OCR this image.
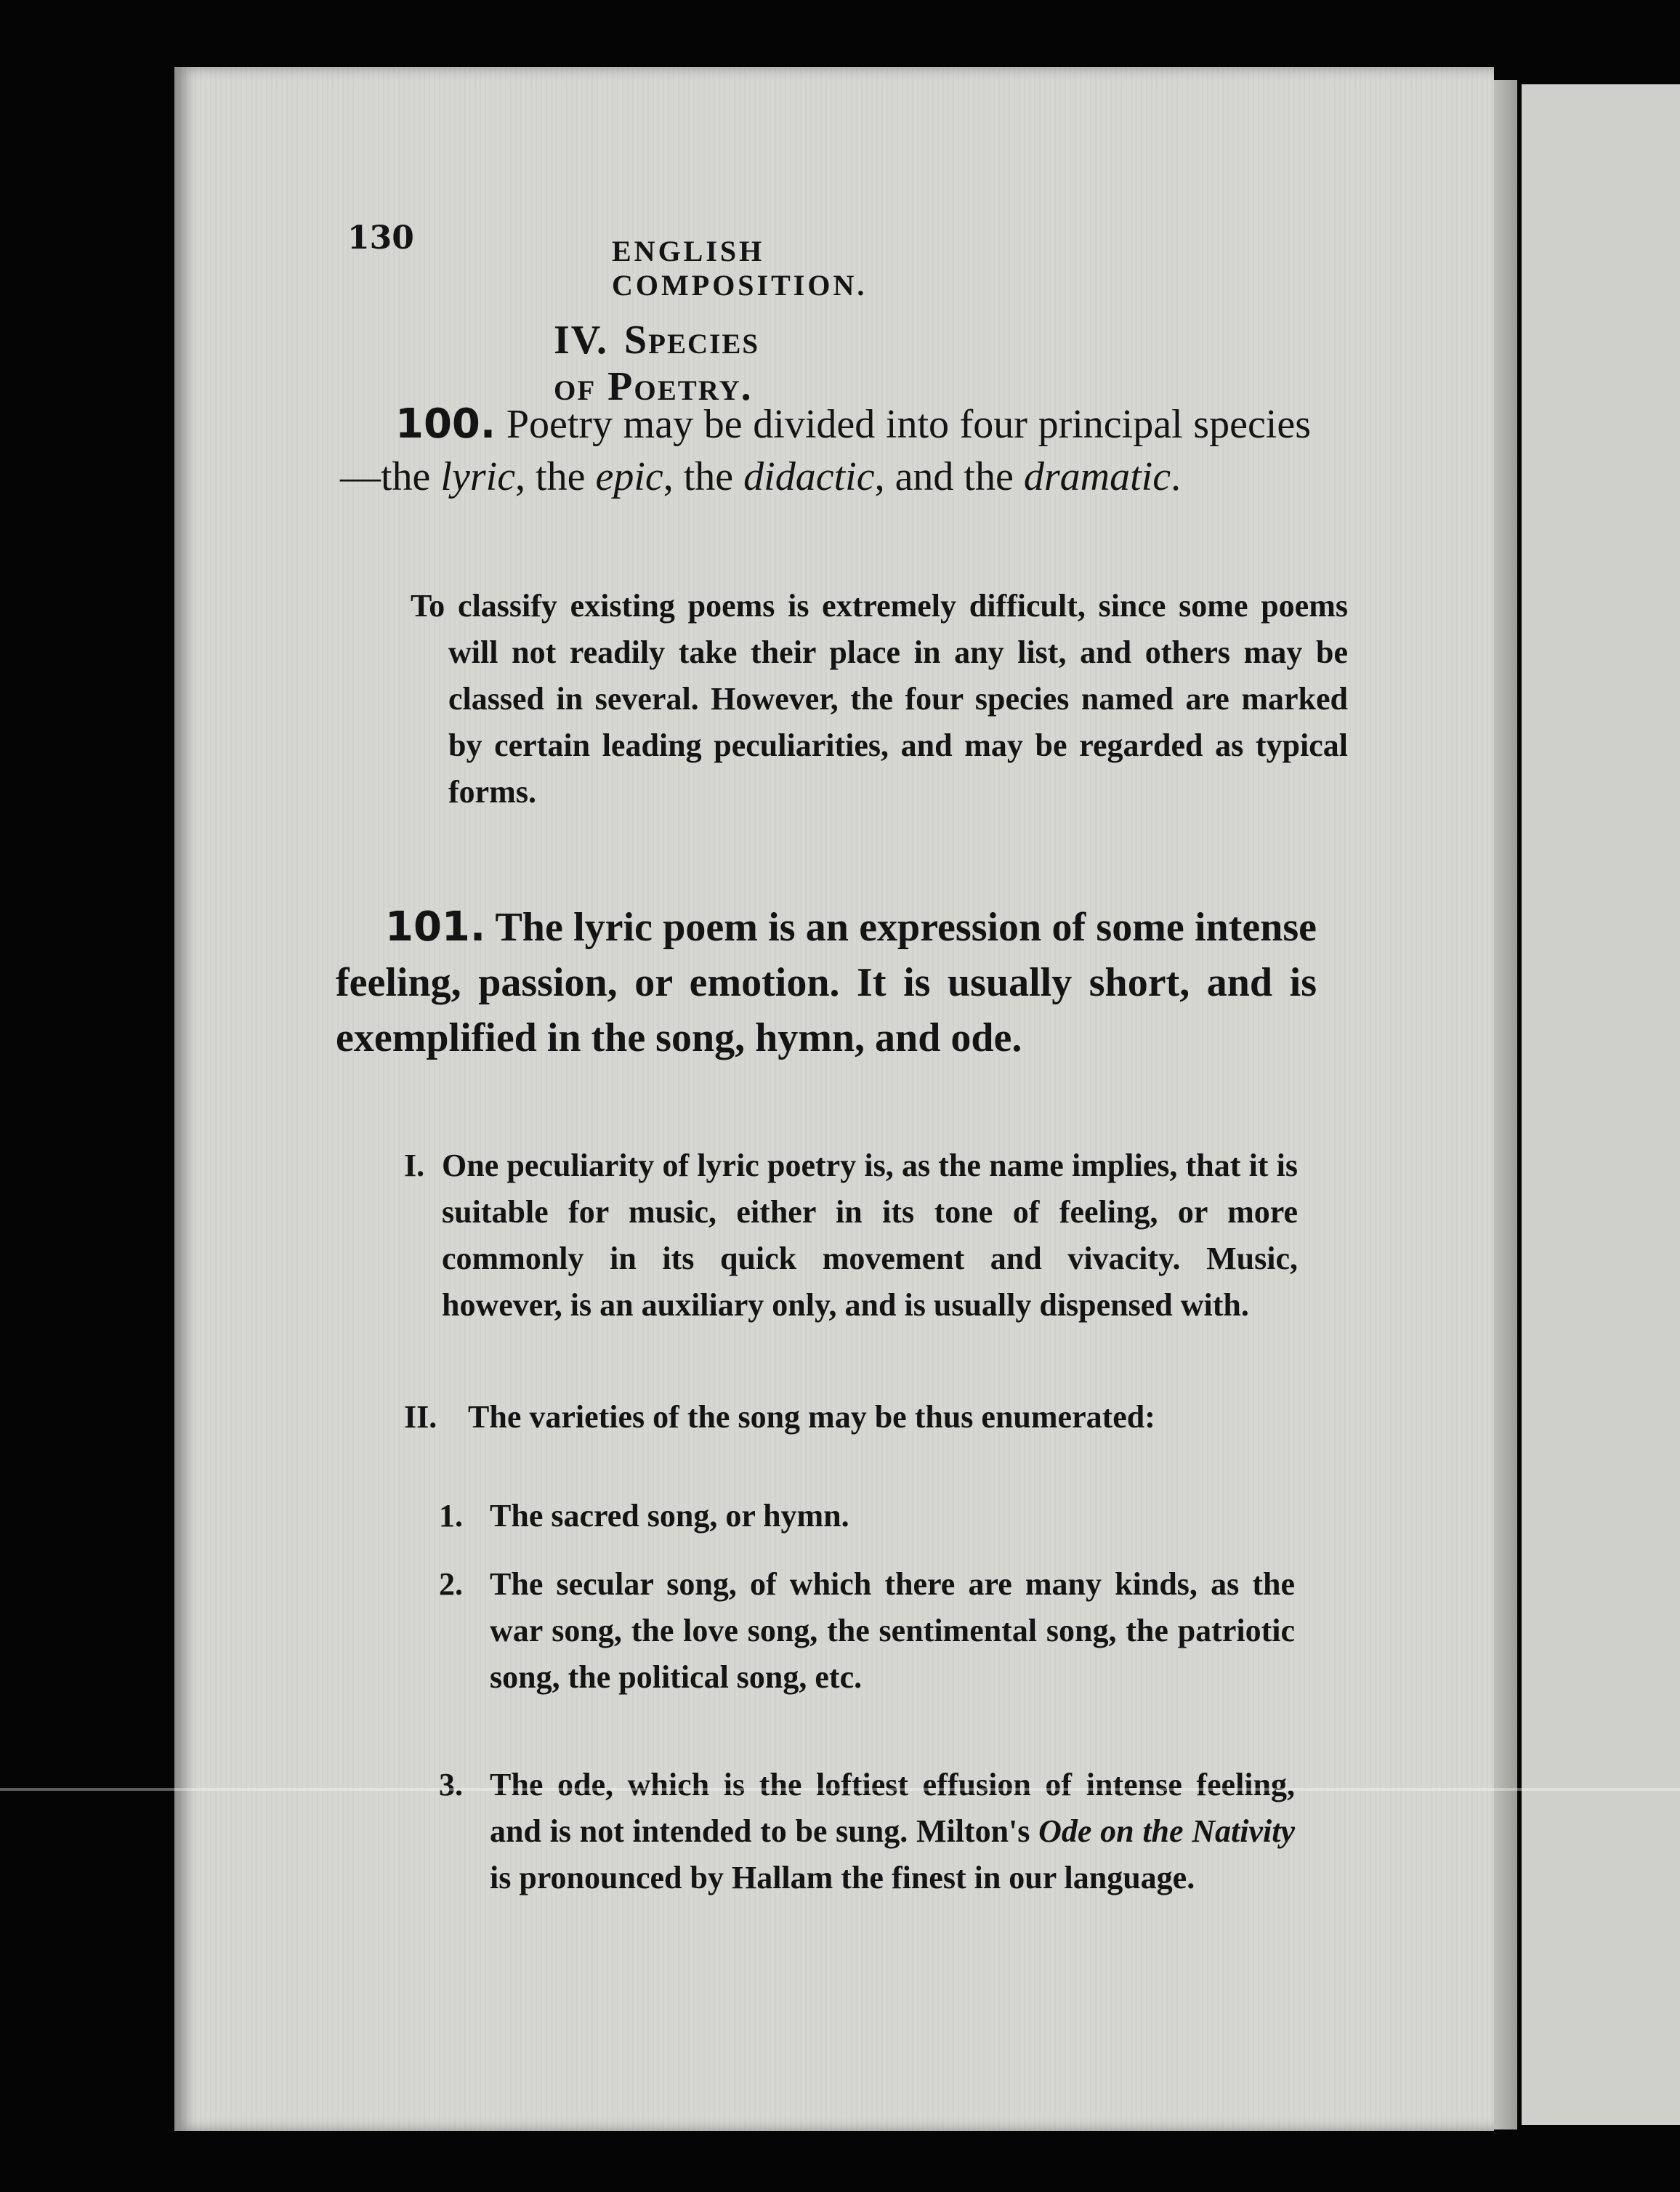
130	ENGLISH COMPOSITION.
IV. Species of Poetry.
100. Poetry may be divided into four principal species—the lyric, the epic, the didactic, and the dramatic.
To classify existing poems is extremely difficult, since some poems will not readily take their place in any list, and others may be classed in several. However, the four species named are marked by certain leading peculiarities, and may be regarded as typical forms.
101. The lyric poem is an expression of some intense feeling, passion, or emotion. It is usually short, and is exemplified in the song, hymn, and ode.
I. One peculiarity of lyric poetry is, as the name implies, that it is suitable for music, either in its tone of feeling, or more commonly in its quick movement and vivacity. Music, however, is an auxiliary only, and is usually dispensed with.
II. The varieties of the song may be thus enumerated:
1. The sacred song, or hymn.
2. The secular song, of which there are many kinds, as the war song, the love song, the sentimental song, the patriotic song, the political song, etc.
3. The ode, which is the loftiest effusion of intense feeling, and is not intended to be sung. Milton's Ode on the Nativity is pronounced by Hallam the finest in our language.
